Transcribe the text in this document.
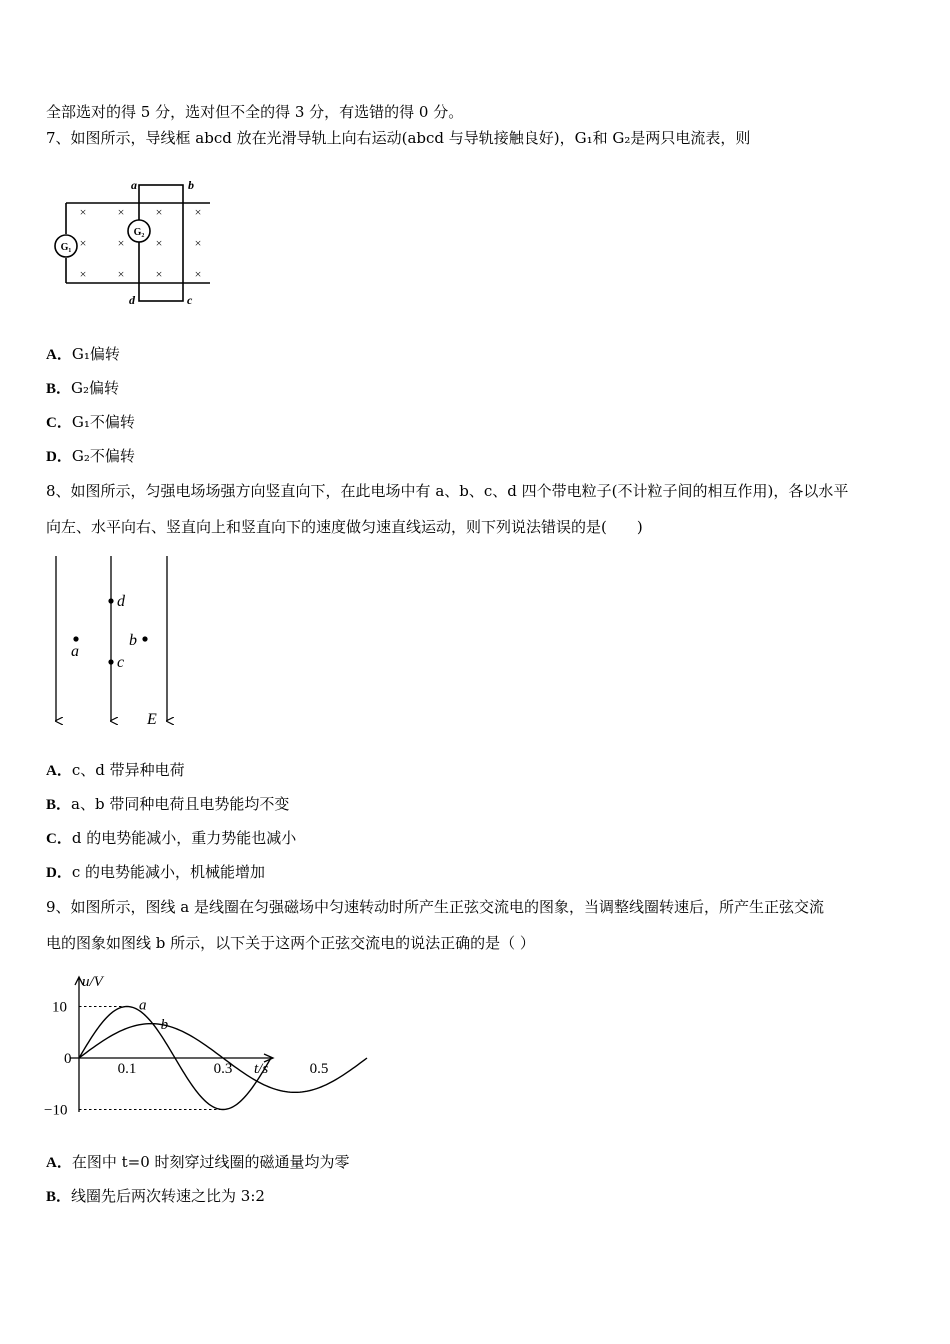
全部选对的得 5 分，选对但不全的得 3 分，有选错的得 0 分。
7、如图所示，导线框 abcd 放在光滑导轨上向右运动(abcd 与导轨接触良好)，G₁和 G₂是两只电流表，则
a	b
c
d
G₁
G₂
×	×	×	×
×	×	×	×
×	×	×	×
A．G₁偏转
B．G₂偏转
C．G₁不偏转
D．G₂不偏转
8、如图所示，匀强电场场强方向竖直向下，在此电场中有 a、b、c、d 四个带电粒子(不计粒子间的相互作用)，各以水平
向左、水平向右、竖直向上和竖直向下的速度做匀速直线运动，则下列说法错误的是(　　)
a
b
c
d
E
A．c、d 带异种电荷
B．a、b 带同种电荷且电势能均不变
C．d 的电势能减小，重力势能也减小
D．c 的电势能减小，机械能增加
9、如图所示，图线 a 是线圈在匀强磁场中匀速转动时所产生正弦交流电的图象，当调整线圈转速后，所产生正弦交流
电的图象如图线 b 所示，以下关于这两个正弦交流电的说法正确的是（ ）
a
b
u/V
t/s
10
0
−10
0.1	0.3	0.5
A．在图中 t=0 时刻穿过线圈的磁通量均为零
B．线圈先后两次转速之比为 3:2
